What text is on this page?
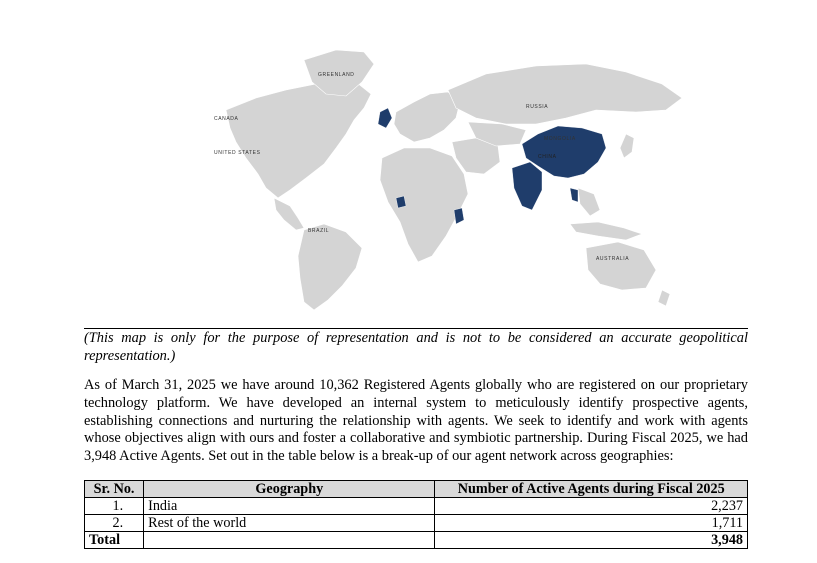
GREENLAND
CANADA
UNITED STATES
RUSSIA
MONGOLIA
CHINA
BRAZIL
AUSTRALIA
(This map is only for the purpose of representation and is not to be considered an accurate geopolitical representation.)
As of March 31, 2025 we have around 10,362 Registered Agents globally who are registered on our proprietary technology platform. We have developed an internal system to meticulously identify prospective agents, establishing connections and nurturing the relationship with agents. We seek to identify and work with agents whose objectives align with ours and foster a collaborative and symbiotic partnership. During Fiscal 2025, we had 3,948 Active Agents. Set out in the table below is a break-up of our agent network across geographies:
Sr. No.	Geography	Number of Active Agents during Fiscal 2025
1.	India	2,237
2.	Rest of the world	1,711
Total		3,948
